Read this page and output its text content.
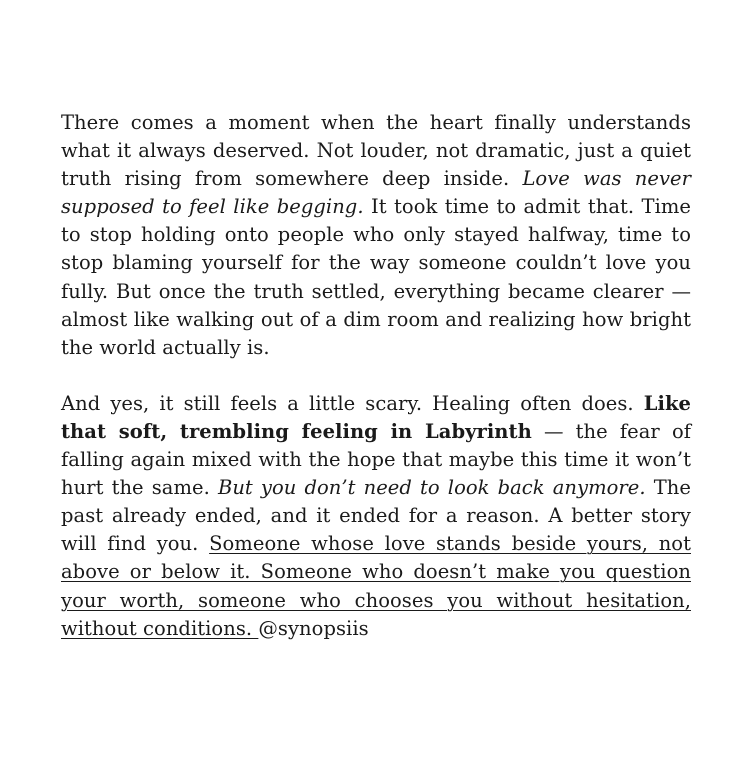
There comes a moment when the heart finally understands what it always deserved. Not louder, not dramatic, just a quiet truth rising from somewhere deep inside. Love was never supposed to feel like begging. It took time to admit that. Time to stop holding onto people who only stayed halfway, time to stop blaming yourself for the way someone couldn’t love you fully. But once the truth settled, everything became clearer — almost like walking out of a dim room and realizing how bright the world actually is.

And yes, it still feels a little scary. Healing often does. Like that soft, trembling feeling in Labyrinth — the fear of falling again mixed with the hope that maybe this time it won’t hurt the same. But you don’t need to look back anymore. The past already ended, and it ended for a reason. A better story will find you. Someone whose love stands beside yours, not above or below it. Someone who doesn’t make you question your worth, someone who chooses you without hesitation, without conditions. @synopsiis
